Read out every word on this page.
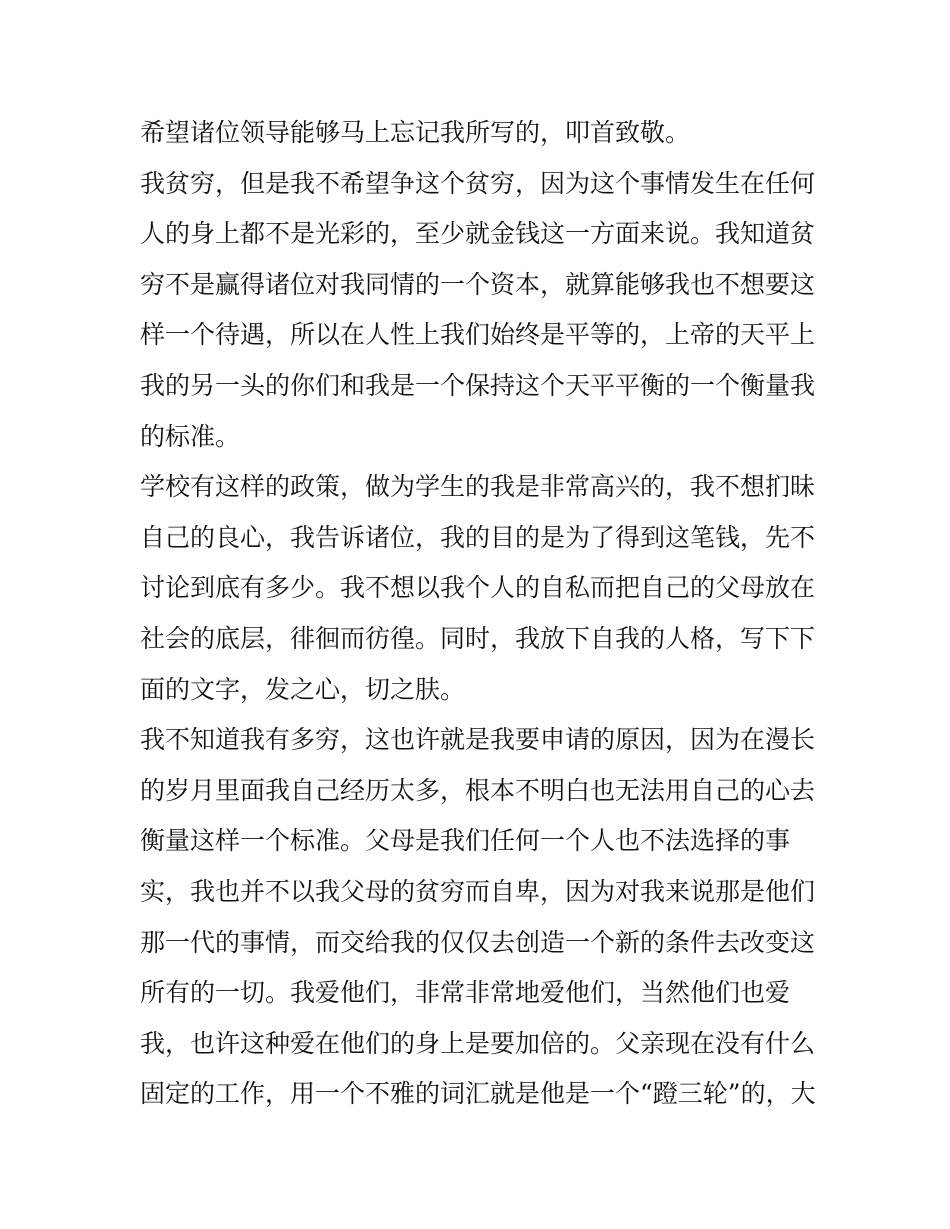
希望诸位领导能够马上忘记我所写的，叩首致敬。
我贫穷，但是我不希望争这个贫穷，因为这个事情发生在任何
人的身上都不是光彩的，至少就金钱这一方面来说。我知道贫
穷不是赢得诸位对我同情的一个资本，就算能够我也不想要这
样一个待遇，所以在人性上我们始终是平等的，上帝的天平上
我的另一头的你们和我是一个保持这个天平平衡的一个衡量我
的标准。
学校有这样的政策，做为学生的我是非常高兴的，我不想扪昧
自己的良心，我告诉诸位，我的目的是为了得到这笔钱，先不
讨论到底有多少。我不想以我个人的自私而把自己的父母放在
社会的底层，徘徊而彷徨。同时，我放下自我的人格，写下下
面的文字，发之心，切之肤。
我不知道我有多穷，这也许就是我要申请的原因，因为在漫长
的岁月里面我自己经历太多，根本不明白也无法用自己的心去
衡量这样一个标准。父母是我们任何一个人也不法选择的事
实，我也并不以我父母的贫穷而自卑，因为对我来说那是他们
那一代的事情，而交给我的仅仅去创造一个新的条件去改变这
所有的一切。我爱他们，非常非常地爱他们，当然他们也爱
我，也许这种爱在他们的身上是要加倍的。父亲现在没有什么
固定的工作，用一个不雅的词汇就是他是一个“蹬三轮”的，大
